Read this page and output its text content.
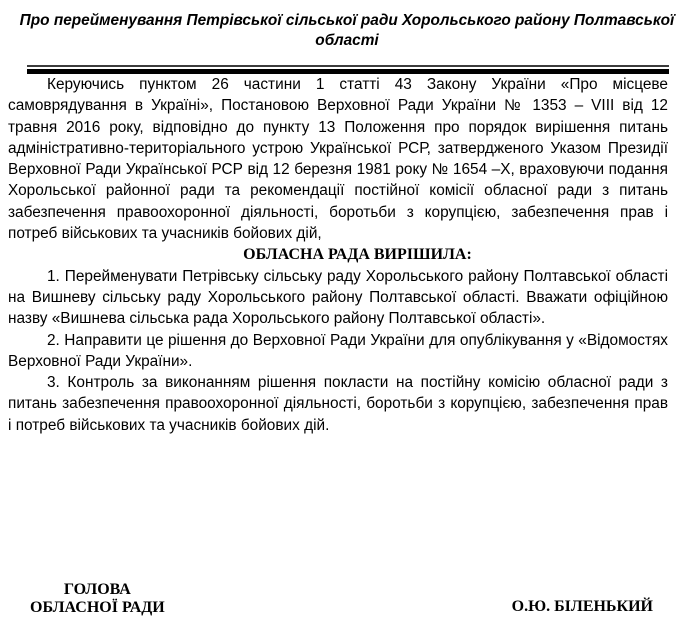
Про перейменування Петрівської сільської ради Хорольського району Полтавської області

Керуючись пунктом 26 частини 1 статті 43 Закону України «Про місцеве самоврядування в Україні», Постановою Верховної Ради України № 1353 – VIII від 12 травня 2016 року, відповідно до пункту 13 Положення про порядок вирішення питань адміністративно-територіального устрою Української РСР, затвердженого Указом Президії Верховної Ради Української РСР від 12 березня 1981 року № 1654 –Х, враховуючи подання Хорольської районної ради та рекомендації постійної комісії обласної ради з питань забезпечення правоохоронної діяльності, боротьби з корупцією, забезпечення прав і потреб військових та учасників бойових дій,

ОБЛАСНА РАДА ВИРІШИЛА:

1. Перейменувати Петрівську сільську раду Хорольського району Полтавської області на Вишневу сільську раду Хорольського району Полтавської області. Вважати офіційною назву «Вишнева сільська рада Хорольського району Полтавської області».

2. Направити це рішення до Верховної Ради України для опублікування у «Відомостях Верховної Ради України».

3. Контроль за виконанням рішення покласти на постійну комісію обласної ради з питань забезпечення правоохоронної діяльності, боротьби з корупцією, забезпечення прав і потреб військових та учасників бойових дій.

ГОЛОВА
ОБЛАСНОЇ РАДИ	О.Ю. БІЛЕНЬКИЙ
